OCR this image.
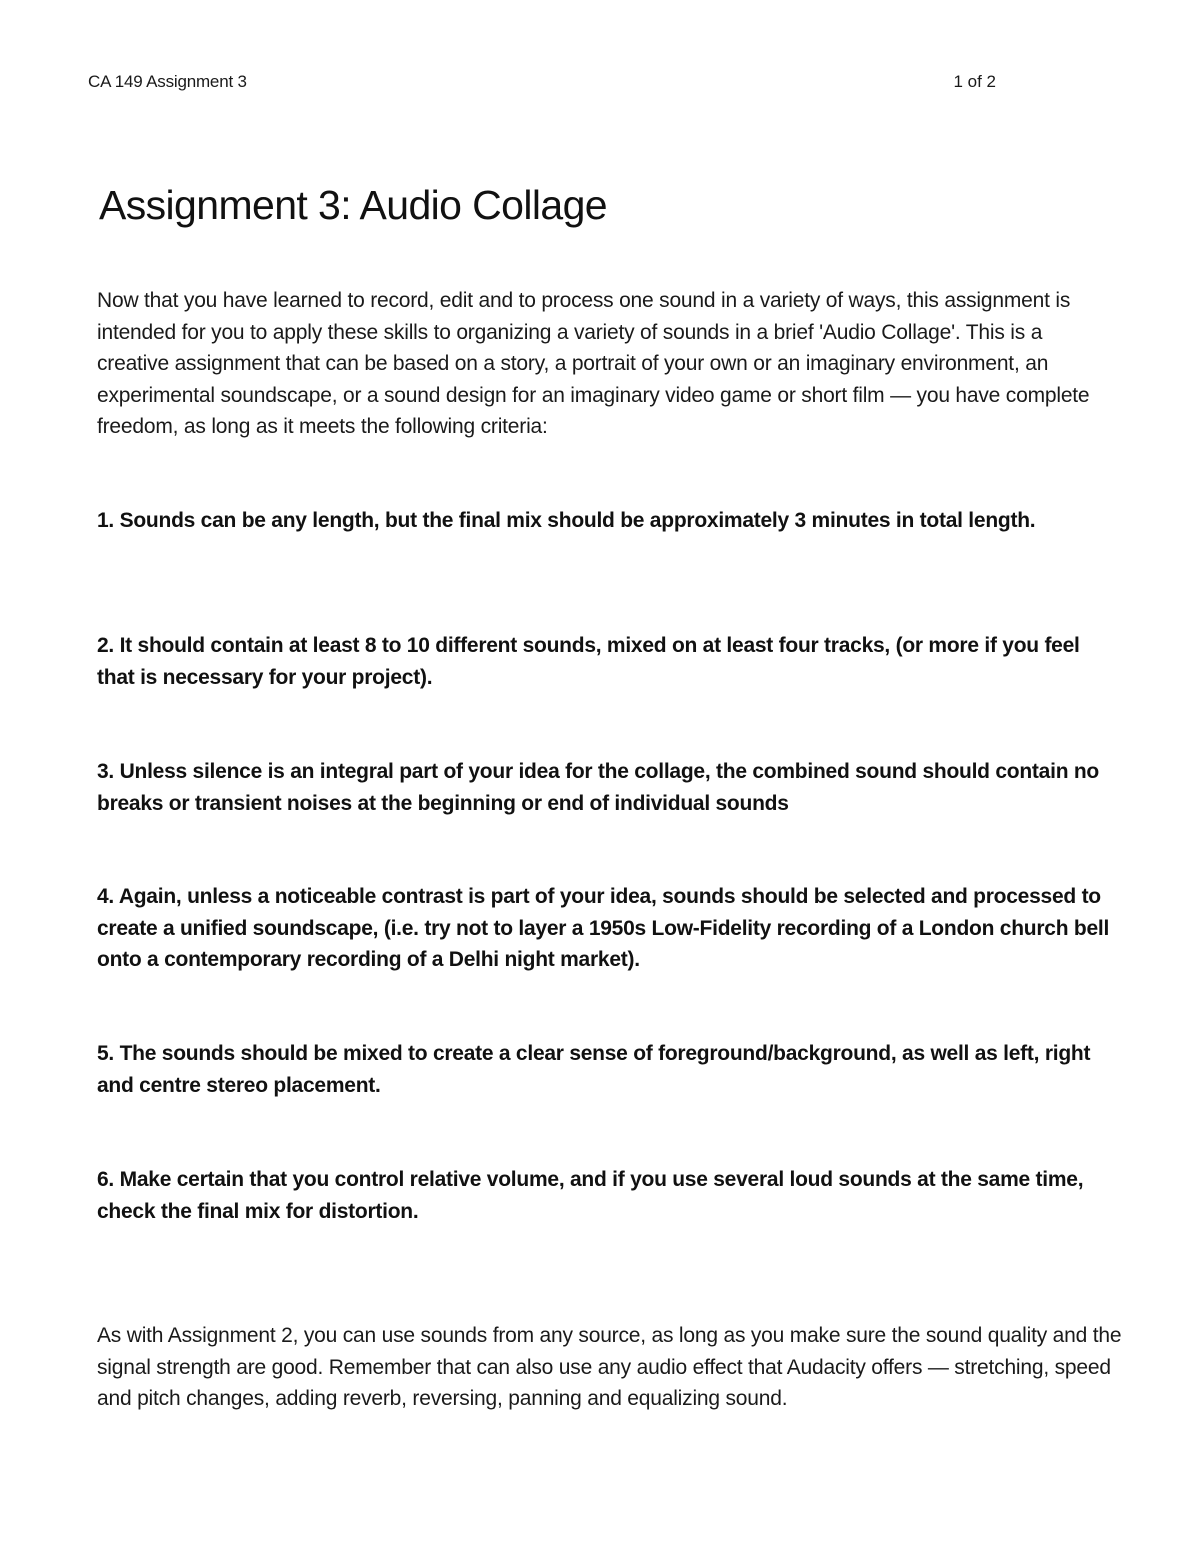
CA 149 Assignment 3	1 of 2
Assignment 3: Audio Collage

Now that you have learned to record, edit and to process one sound in a variety of ways, this assignment is intended for you to apply these skills to organizing a variety of sounds in a brief 'Audio Collage'. This is a creative assignment that can be based on a story, a portrait of your own or an imaginary environment, an experimental soundscape, or a sound design for an imaginary video game or short film — you have complete freedom, as long as it meets the following criteria:

1. Sounds can be any length, but the final mix should be approximately 3 minutes in total length.

2. It should contain at least 8 to 10 different sounds, mixed on at least four tracks, (or more if you feel that is necessary for your project).

3. Unless silence is an integral part of your idea for the collage, the combined sound should contain no breaks or transient noises at the beginning or end of individual sounds

4. Again, unless a noticeable contrast is part of your idea, sounds should be selected and processed to create a unified soundscape, (i.e. try not to layer a 1950s Low-Fidelity recording of a London church bell onto a contemporary recording of a Delhi night market).

5. The sounds should be mixed to create a clear sense of foreground/background, as well as left, right and centre stereo placement.

6. Make certain that you control relative volume, and if you use several loud sounds at the same time, check the final mix for distortion.

As with Assignment 2, you can use sounds from any source, as long as you make sure the sound quality and the signal strength are good. Remember that can also use any audio effect that Audacity offers — stretching, speed and pitch changes, adding reverb, reversing, panning and equalizing sound.
